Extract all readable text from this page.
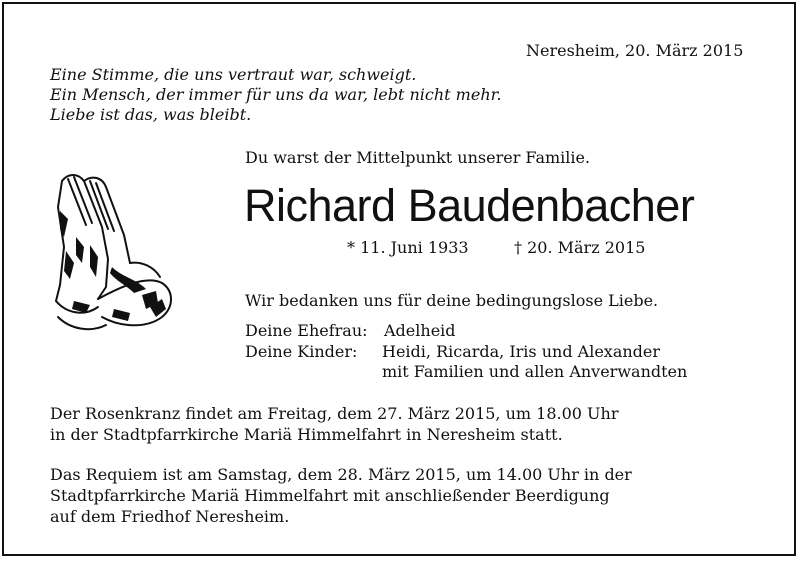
Neresheim, 20. März 2015
Eine Stimme, die uns vertraut war, schweigt.
Ein Mensch, der immer für uns da war, lebt nicht mehr.
Liebe ist das, was bleibt.
Du warst der Mittelpunkt unserer Familie.
Richard Baudenbacher
* 11. Juni 1933	† 20. März 2015
Wir bedanken uns für deine bedingungslose Liebe.
Deine Ehefrau: Adelheid
Deine Kinder: Heidi, Ricarda, Iris und Alexander
mit Familien und allen Anverwandten
Der Rosenkranz findet am Freitag, dem 27. März 2015, um 18.00 Uhr
in der Stadtpfarrkirche Mariä Himmelfahrt in Neresheim statt.
Das Requiem ist am Samstag, dem 28. März 2015, um 14.00 Uhr in der
Stadtpfarrkirche Mariä Himmelfahrt mit anschließender Beerdigung
auf dem Friedhof Neresheim.
